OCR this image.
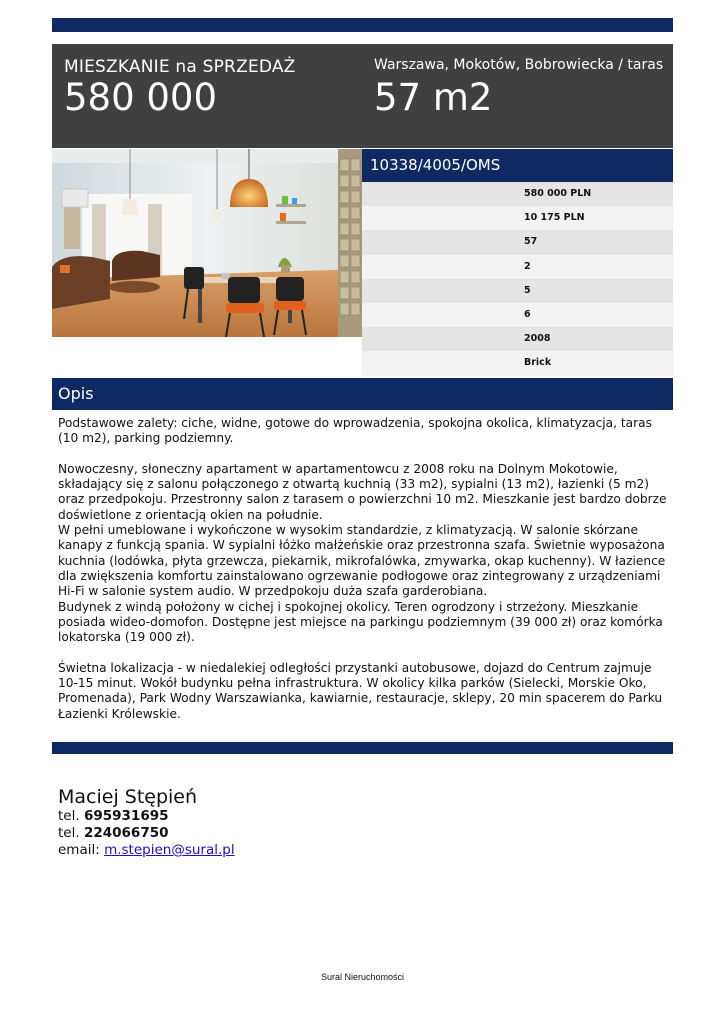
MIESZKANIE na SPRZEDAŻ
580 000
Warszawa, Mokotów, Bobrowiecka / taras
57 m2
10338/4005/OMS
580 000 PLN
10 175 PLN
57
2
5
6
2008
Brick
Opis

Podstawowe zalety: ciche, widne, gotowe do wprowadzenia, spokojna okolica, klimatyzacja, taras (10 m2), parking podziemny.

Nowoczesny, słoneczny apartament w apartamentowcu z 2008 roku na Dolnym Mokotowie, składający się z salonu połączonego z otwartą kuchnią (33 m2), sypialni (13 m2), łazienki (5 m2) oraz przedpokoju. Przestronny salon z tarasem o powierzchni 10 m2. Mieszkanie jest bardzo dobrze doświetlone z orientacją okien na południe.

W pełni umeblowane i wykończone w wysokim standardzie, z klimatyzacją. W salonie skórzane kanapy z funkcją spania. W sypialni łóżko małżeńskie oraz przestronna szafa. Świetnie wyposażona kuchnia (lodówka, płyta grzewcza, piekarnik, mikrofalówka, zmywarka, okap kuchenny). W łazience dla zwiększenia komfortu zainstalowano ogrzewanie podłogowe oraz zintegrowany z urządzeniami Hi-Fi w salonie system audio. W przedpokoju duża szafa garderobiana.

Budynek z windą położony w cichej i spokojnej okolicy. Teren ogrodzony i strzeżony. Mieszkanie posiada wideo-domofon. Dostępne jest miejsce na parkingu podziemnym (39 000 zł) oraz komórka lokatorska (19 000 zł).

Świetna lokalizacja - w niedalekiej odległości przystanki autobusowe, dojazd do Centrum zajmuje 10-15 minut. Wokół budynku pełna infrastruktura. W okolicy kilka parków (Sielecki, Morskie Oko, Promenada), Park Wodny Warszawianka, kawiarnie, restauracje, sklepy, 20 min spacerem do Parku Łazienki Królewskie.

Maciej Stępień
tel. 695931695
tel. 224066750
email: m.stepien@sural.pl
Sural Nieruchomości
